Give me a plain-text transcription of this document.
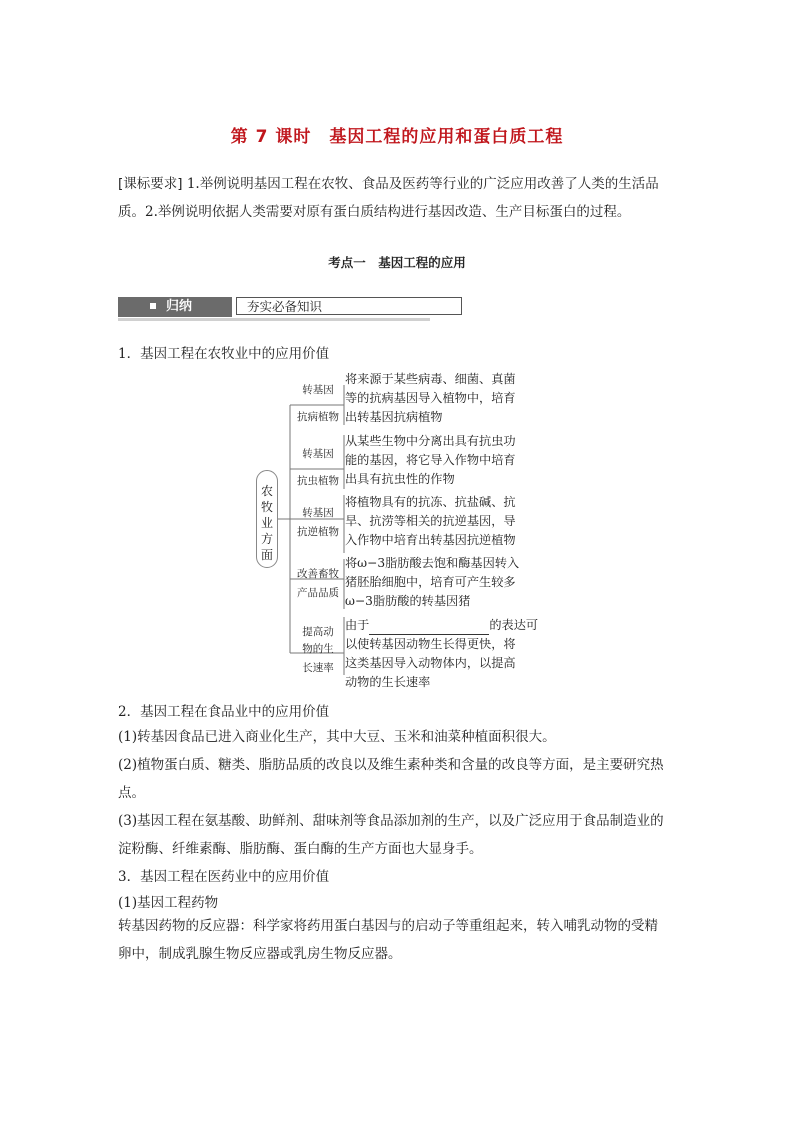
第 7 课时　基因工程的应用和蛋白质工程
[课标要求] 1.举例说明基因工程在农牧、食品及医药等行业的广泛应用改善了人类的生活品
质。2.举例说明依据人类需要对原有蛋白质结构进行基因改造、生产目标蛋白的过程。
考点一　基因工程的应用
归纳	夯实必备知识
1．基因工程在农牧业中的应用价值
农
牧
业
方
面
转基因
抗病植物
将来源于某些病毒、细菌、真菌
等的抗病基因导入植物中，培育
出转基因抗病植物
转基因
抗虫植物
从某些生物中分离出具有抗虫功
能的基因，将它导入作物中培育
出具有抗虫性的作物
转基因
抗逆植物
将植物具有的抗冻、抗盐碱、抗
旱、抗涝等相关的抗逆基因，导
入作物中培育出转基因抗逆植物
改善畜牧
产品品质
将ω−3脂肪酸去饱和酶基因转入
猪胚胎细胞中，培育可产生较多
ω−3脂肪酸的转基因猪
提高动
物的生
长速率
由于	的表达可
以使转基因动物生长得更快，将
这类基因导入动物体内，以提高
动物的生长速率
2．基因工程在食品业中的应用价值
(1)转基因食品已进入商业化生产，其中大豆、玉米和油菜种植面积很大。
(2)植物蛋白质、糖类、脂肪品质的改良以及维生素种类和含量的改良等方面，是主要研究热
点。
(3)基因工程在氨基酸、助鲜剂、甜味剂等食品添加剂的生产，以及广泛应用于食品制造业的
淀粉酶、纤维素酶、脂肪酶、蛋白酶的生产方面也大显身手。
3．基因工程在医药业中的应用价值
(1)基因工程药物
转基因药物的反应器：科学家将药用蛋白基因与的启动子等重组起来，转入哺乳动物的受精
卵中，制成乳腺生物反应器或乳房生物反应器。
